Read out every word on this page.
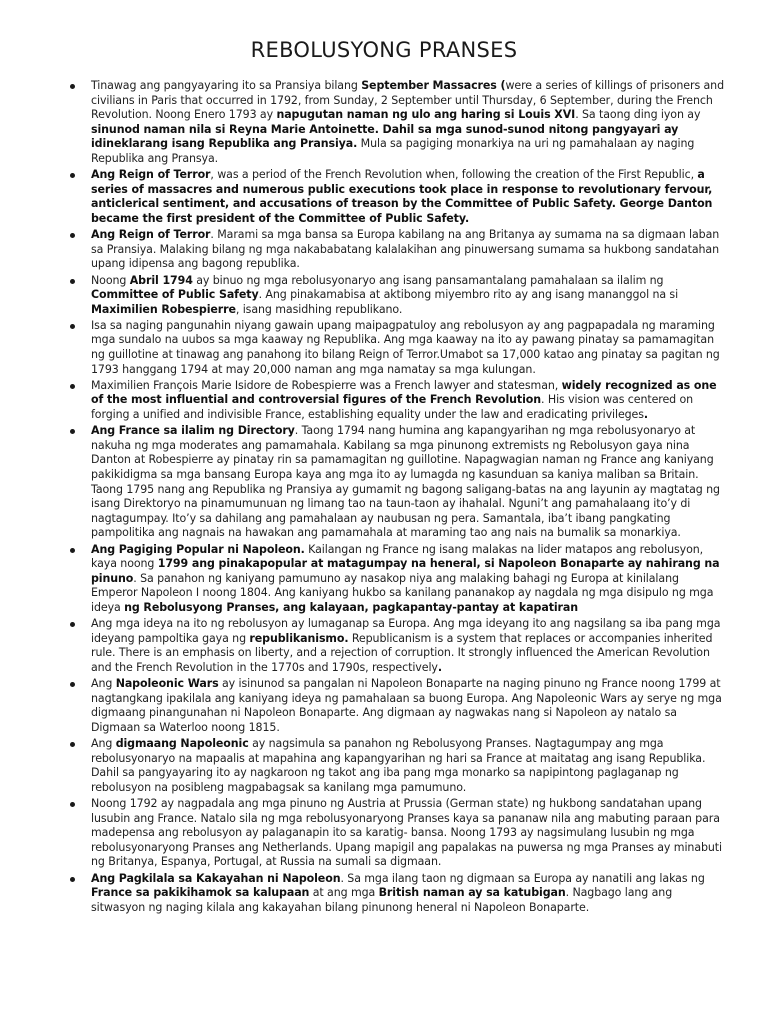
REBOLUSYONG PRANSES
Tinawag ang pangyayaring ito sa Pransiya bilang September Massacres (were a series of killings of prisoners and civilians in Paris that occurred in 1792, from Sunday, 2 September until Thursday, 6 September, during the French Revolution. Noong Enero 1793 ay napugutan naman ng ulo ang haring si Louis XVI. Sa taong ding iyon ay sinunod naman nila si Reyna Marie Antoinette. Dahil sa mga sunod-sunod nitong pangyayari ay idineklarang isang Republika ang Pransiya. Mula sa pagiging monarkiya na uri ng pamahalaan ay naging Republika ang Pransya.
Ang Reign of Terror, was a period of the French Revolution when, following the creation of the First Republic, a series of massacres and numerous public executions took place in response to revolutionary fervour, anticlerical sentiment, and accusations of treason by the Committee of Public Safety. George Danton became the first president of the Committee of Public Safety.
Ang Reign of Terror. Marami sa mga bansa sa Europa kabilang na ang Britanya ay sumama na sa digmaan laban sa Pransiya. Malaking bilang ng mga nakababatang kalalakihan ang pinuwersang sumama sa hukbong sandatahan upang idipensa ang bagong republika.
Noong Abril 1794 ay binuo ng mga rebolusyonaryo ang isang pansamantalang pamahalaan sa ilalim ng Committee of Public Safety. Ang pinakamabisa at aktibong miyembro rito ay ang isang mananggol na si Maximilien Robespierre, isang masidhing republikano.
Isa sa naging pangunahin niyang gawain upang maipagpatuloy ang rebolusyon ay ang pagpapadala ng maraming mga sundalo na uubos sa mga kaaway ng Republika. Ang mga kaaway na ito ay pawang pinatay sa pamamagitan ng guillotine at tinawag ang panahong ito bilang Reign of Terror.Umabot sa 17,000 katao ang pinatay sa pagitan ng 1793 hanggang 1794 at may 20,000 naman ang mga namatay sa mga kulungan.
Maximilien François Marie Isidore de Robespierre was a French lawyer and statesman, widely recognized as one of the most influential and controversial figures of the French Revolution. His vision was centered on forging a unified and indivisible France, establishing equality under the law and eradicating privileges.
Ang France sa ilalim ng Directory. Taong 1794 nang humina ang kapangyarihan ng mga rebolusyonaryo at nakuha ng mga moderates ang pamamahala. Kabilang sa mga pinunong extremists ng Rebolusyon gaya nina Danton at Robespierre ay pinatay rin sa pamamagitan ng guillotine. Napagwagian naman ng France ang kaniyang pakikidigma sa mga bansang Europa kaya ang mga ito ay lumagda ng kasunduan sa kaniya maliban sa Britain. Taong 1795 nang ang Republika ng Pransiya ay gumamit ng bagong saligang-batas na ang layunin ay magtatag ng isang Direktoryo na pinamumunuan ng limang tao na taun-taon ay ihahalal. Nguni’t ang pamahalaang ito’y di nagtagumpay. Ito’y sa dahilang ang pamahalaan ay naubusan ng pera. Samantala, iba’t ibang pangkating pampolitika ang nagnais na hawakan ang pamamahala at maraming tao ang nais na bumalik sa monarkiya.
Ang Pagiging Popular ni Napoleon. Kailangan ng France ng isang malakas na lider matapos ang rebolusyon, kaya noong 1799 ang pinakapopular at matagumpay na heneral, si Napoleon Bonaparte ay nahirang na pinuno. Sa panahon ng kaniyang pamumuno ay nasakop niya ang malaking bahagi ng Europa at kinilalang Emperor Napoleon I noong 1804. Ang kaniyang hukbo sa kanilang pananakop ay nagdala ng mga disipulo ng mga ideya ng Rebolusyong Pranses, ang kalayaan, pagkapantay-pantay at kapatiran
Ang mga ideya na ito ng rebolusyon ay lumaganap sa Europa. Ang mga ideyang ito ang nagsilang sa iba pang mga ideyang pampoltika gaya ng republikanismo. Republicanism is a system that replaces or accompanies inherited rule. There is an emphasis on liberty, and a rejection of corruption. It strongly influenced the American Revolution and the French Revolution in the 1770s and 1790s, respectively.
Ang Napoleonic Wars ay isinunod sa pangalan ni Napoleon Bonaparte na naging pinuno ng France noong 1799 at nagtangkang ipakilala ang kaniyang ideya ng pamahalaan sa buong Europa. Ang Napoleonic Wars ay serye ng mga digmaang pinangunahan ni Napoleon Bonaparte. Ang digmaan ay nagwakas nang si Napoleon ay natalo sa Digmaan sa Waterloo noong 1815.
Ang digmaang Napoleonic ay nagsimula sa panahon ng Rebolusyong Pranses. Nagtagumpay ang mga rebolusyonaryo na mapaalis at mapahina ang kapangyarihan ng hari sa France at maitatag ang isang Republika. Dahil sa pangyayaring ito ay nagkaroon ng takot ang iba pang mga monarko sa napipintong paglaganap ng rebolusyon na posibleng magpabagsak sa kanilang mga pamumuno.
Noong 1792 ay nagpadala ang mga pinuno ng Austria at Prussia (German state) ng hukbong sandatahan upang lusubin ang France. Natalo sila ng mga rebolusyonaryong Pranses kaya sa pananaw nila ang mabuting paraan para madepensa ang rebolusyon ay palaganapin ito sa karatig- bansa. Noong 1793 ay nagsimulang lusubin ng mga rebolusyonaryong Pranses ang Netherlands. Upang mapigil ang papalakas na puwersa ng mga Pranses ay minabuti ng Britanya, Espanya, Portugal, at Russia na sumali sa digmaan.
Ang Pagkilala sa Kakayahan ni Napoleon. Sa mga ilang taon ng digmaan sa Europa ay nanatili ang lakas ng France sa pakikihamok sa kalupaan at ang mga British naman ay sa katubigan. Nagbago lang ang sitwasyon ng naging kilala ang kakayahan bilang pinunong heneral ni Napoleon Bonaparte.
